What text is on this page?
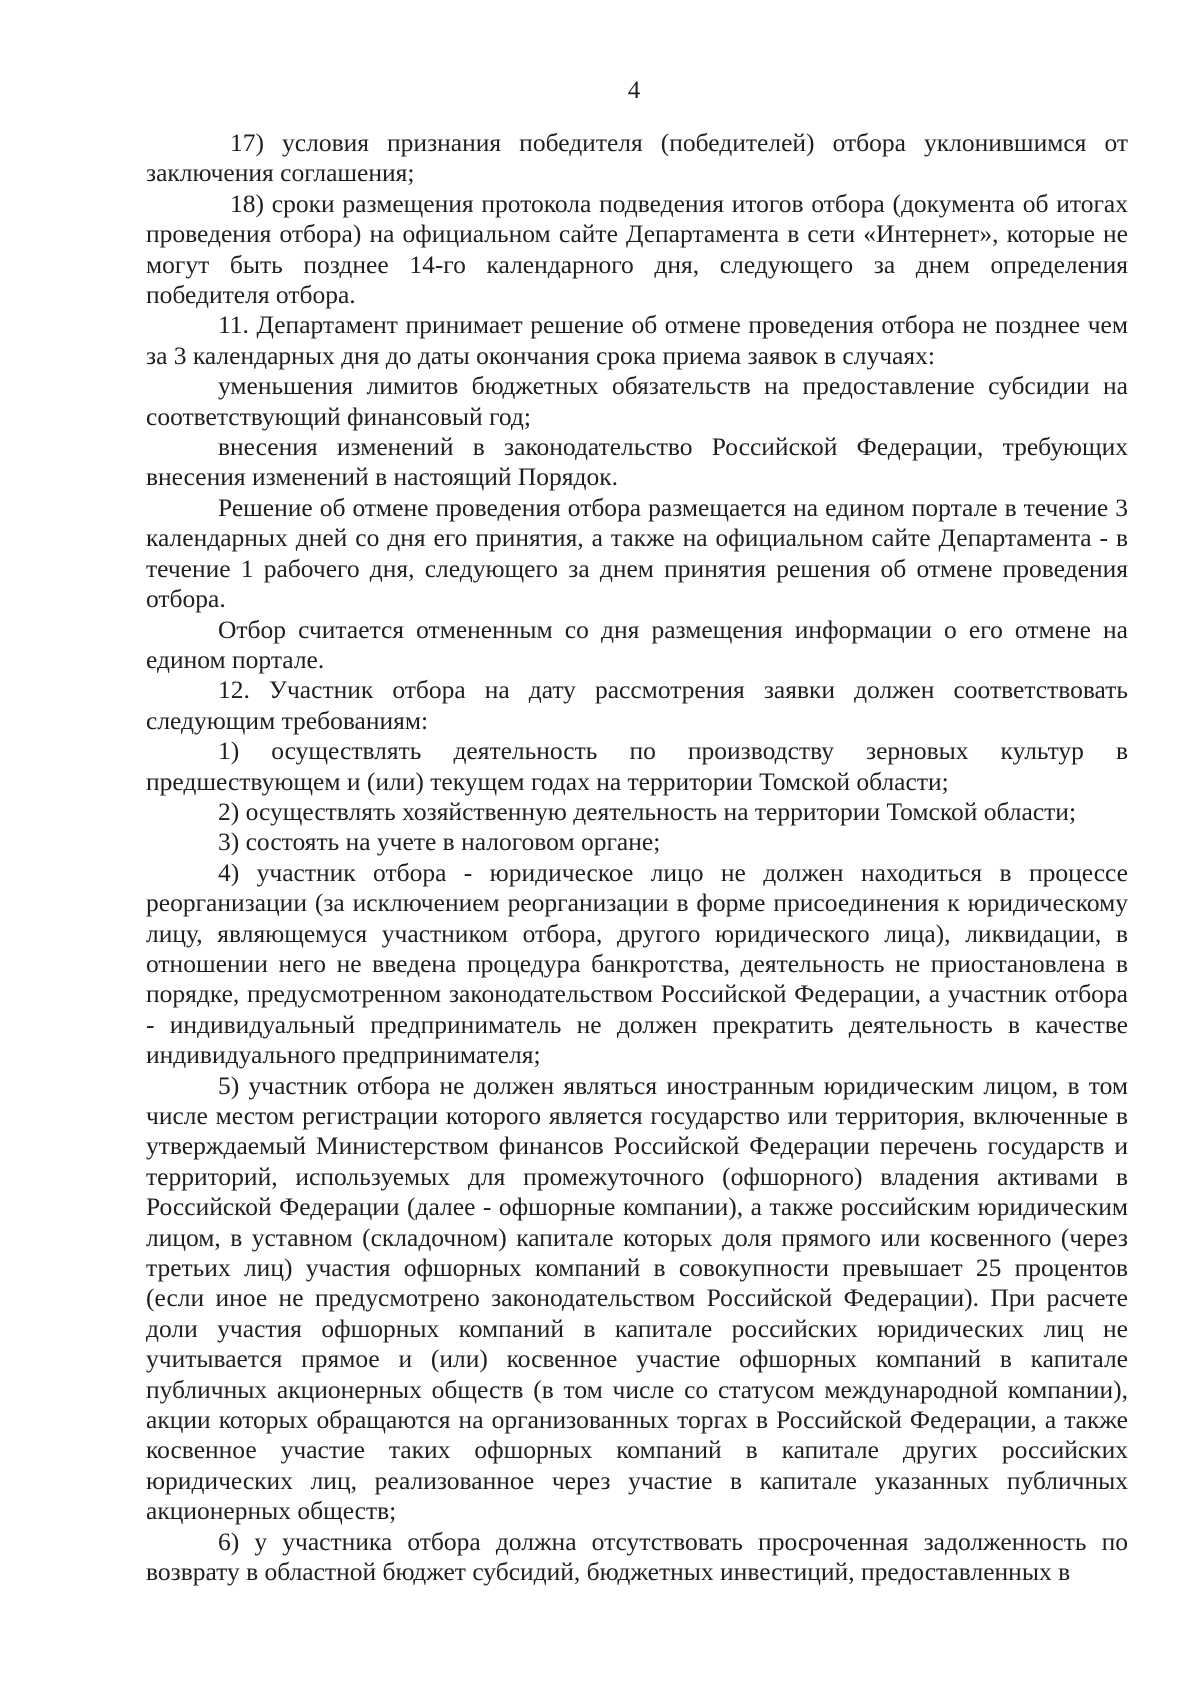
4

17) условия признания победителя (победителей) отбора уклонившимся от заключения соглашения;

18) сроки размещения протокола подведения итогов отбора (документа об итогах проведения отбора) на официальном сайте Департамента в сети «Интернет», которые не могут быть позднее 14-го календарного дня, следующего за днем определения победителя отбора.

11. Департамент принимает решение об отмене проведения отбора не позднее чем за 3 календарных дня до даты окончания срока приема заявок в случаях:

уменьшения лимитов бюджетных обязательств на предоставление субсидии на соответствующий финансовый год;

внесения изменений в законодательство Российской Федерации, требующих внесения изменений в настоящий Порядок.

Решение об отмене проведения отбора размещается на едином портале в течение 3 календарных дней со дня его принятия, а также на официальном сайте Департамента - в течение 1 рабочего дня, следующего за днем принятия решения об отмене проведения отбора.

Отбор считается отмененным со дня размещения информации о его отмене на едином портале.

12. Участник отбора на дату рассмотрения заявки должен соответствовать следующим требованиям:

1) осуществлять деятельность по производству зерновых культур в предшествующем и (или) текущем годах на территории Томской области;

2) осуществлять хозяйственную деятельность на территории Томской области;

3) состоять на учете в налоговом органе;

4) участник отбора - юридическое лицо не должен находиться в процессе реорганизации (за исключением реорганизации в форме присоединения к юридическому лицу, являющемуся участником отбора, другого юридического лица), ликвидации, в отношении него не введена процедура банкротства, деятельность не приостановлена в порядке, предусмотренном законодательством Российской Федерации, а участник отбора - индивидуальный предприниматель не должен прекратить деятельность в качестве индивидуального предпринимателя;

5) участник отбора не должен являться иностранным юридическим лицом, в том числе местом регистрации которого является государство или территория, включенные в утверждаемый Министерством финансов Российской Федерации перечень государств и территорий, используемых для промежуточного (офшорного) владения активами в Российской Федерации (далее - офшорные компании), а также российским юридическим лицом, в уставном (складочном) капитале которых доля прямого или косвенного (через третьих лиц) участия офшорных компаний в совокупности превышает 25 процентов (если иное не предусмотрено законодательством Российской Федерации). При расчете доли участия офшорных компаний в капитале российских юридических лиц не учитывается прямое и (или) косвенное участие офшорных компаний в капитале публичных акционерных обществ (в том числе со статусом международной компании), акции которых обращаются на организованных торгах в Российской Федерации, а также косвенное участие таких офшорных компаний в капитале других российских юридических лиц, реализованное через участие в капитале указанных публичных акционерных обществ;

6) у участника отбора должна отсутствовать просроченная задолженность по возврату в областной бюджет субсидий, бюджетных инвестиций, предоставленных в
